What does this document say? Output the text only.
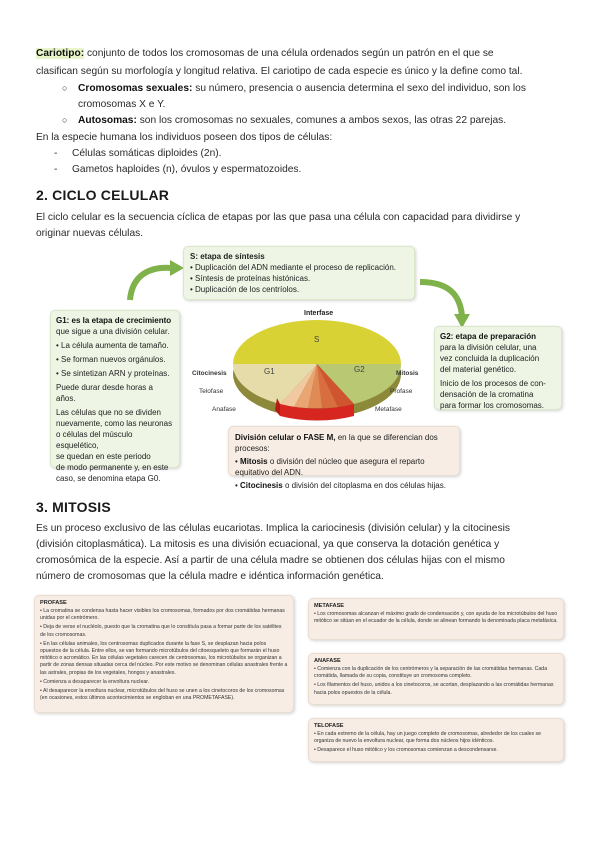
Cariotipo: conjunto de todos los cromosomas de una célula ordenados según un patrón en el que se
clasifican según su morfología y longitud relativa. El cariotipo de cada especie es único y la define como tal.
○ Cromosomas sexuales: su número, presencia o ausencia determina el sexo del individuo, son los
cromosomas X e Y.
○ Autosomas: son los cromosomas no sexuales, comunes a ambos sexos, las otras 22 parejas.
En la especie humana los individuos poseen dos tipos de células:
- Células somáticas diploides (2n).
- Gametos haploides (n), óvulos y espermatozoides.
2. CICLO CELULAR
El ciclo celular es la secuencia cíclica de etapas por las que pasa una célula con capacidad para dividirse y
originar nuevas células.
S: etapa de síntesis
• Duplicación del ADN mediante el proceso de replicación.
• Síntesis de proteínas histónicas.
• Duplicación de los centríolos.
G1: es la etapa de crecimiento
que sigue a una división celular.
• La célula aumenta de tamaño.
• Se forman nuevos orgánulos.
• Se sintetizan ARN y proteínas.
Puede durar desde horas a años.
Las células que no se dividen
nuevamente, como las neuronas
o células del músculo esquelético,
se quedan en este periodo
de modo permanente y, en este
caso, se denomina etapa G0.
G2: etapa de preparación
para la división celular, una
vez concluida la duplicación
del material genético.
Inicio de los procesos de con-
densación de la cromatina
para formar los cromosomas.
Interfase
S
G1	G2
Citocinesis
Telofase
Anafase
Mitosis
Profase
Metafase
División celular o FASE M, en la que se diferencian dos procesos:
• Mitosis o división del núcleo que asegura el reparto equitativo del ADN.
• Citocinesis o división del citoplasma en dos células hijas.
3. MITOSIS
Es un proceso exclusivo de las células eucariotas. Implica la cariocinesis (división celular) y la citocinesis
(división citoplasmática). La mitosis es una división ecuacional, ya que conserva la dotación genética y
cromosómica de la especie. Así a partir de una célula madre se obtienen dos células hijas con el mismo
número de cromosomas que la célula madre e idéntica información genética.
PROFASE
• La cromatina se condensa hasta hacer visibles los cromosomas, formados por dos cromátidas hermanas unidas por el centrómero.
• Deja de verse el nucléolo, puesto que la cromatina que lo constituía pasa a formar parte de los satélites de los cromosomas.
• En las células animales, los centrosomas duplicados durante la fase S, se desplazan hacia polos opuestos de la célula. Entre ellos, se van formando microtúbulos del citoesqueleto que formarán el huso mitótico o acromático. En las células vegetales carecen de centrosomas, los microtúbulos se organizan a partir de zonas densas situadas cerca del núcleo. Por este motivo se denominan células anastrales frente a las astrales, propias de los vegetales, hongos y anastrales.
• Comienza a desaparecer la envoltura nuclear.
• Al desaparecer la envoltura nuclear, microtúbulos del huso se unen a los cinetocoros de los cromosomas (en ocasiones, estos últimos acontecimientos se engloban en una PROMETAFASE).
METAFASE
• Los cromosomas alcanzan el máximo grado de condensación y, con ayuda de los microtúbulos del huso mitótico se sitúan en el ecuador de la célula, donde se alinean formando la denominada placa metafásica.
ANAFASE
• Comienza con la duplicación de los centrómeros y la separación de las cromátidas hermanas. Cada cromátida, llamada de su copia, constituye un cromosoma completo.
• Los filamentos del huso, unidos a los cinetocoros, se acortan, desplazando a las cromátidas hermanas hacia polos opuestos de la célula.
TELOFASE
• En cada extremo de la célula, hay un juego completo de cromosomas, alrededor de los cuales se organiza de nuevo la envoltura nuclear, que forma dos núcleos hijos idénticos.
• Desaparece el huso mitótico y los cromosomas comienzan a descondensarse.
